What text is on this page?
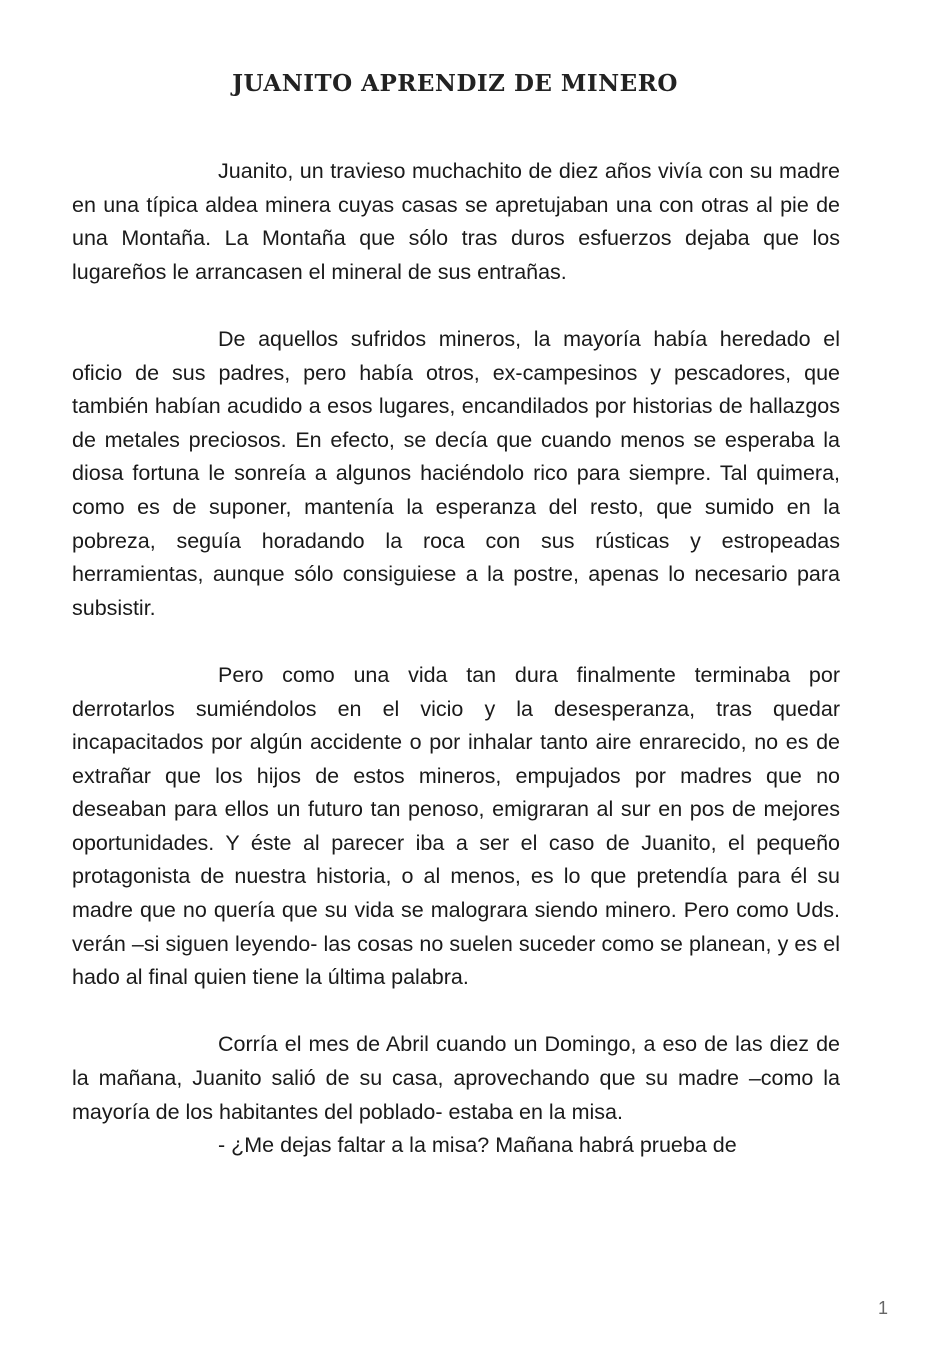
JUANITO APRENDIZ DE MINERO

Juanito, un travieso muchachito de diez años vivía con su madre en una típica aldea minera cuyas casas se apretujaban una con otras al pie de una Montaña. La Montaña que sólo tras duros esfuerzos dejaba que los lugareños le arrancasen el mineral de sus entrañas.

De aquellos sufridos mineros, la mayoría había heredado el oficio de sus padres, pero había otros, ex-campesinos y pescadores, que también habían acudido a esos lugares, encandilados por historias de hallazgos de metales preciosos. En efecto, se decía que cuando menos se esperaba la diosa fortuna le sonreía a algunos haciéndolo rico para siempre. Tal quimera, como es de suponer, mantenía la esperanza del resto, que sumido en la pobreza, seguía horadando la roca con sus rústicas y estropeadas herramientas, aunque sólo consiguiese a la postre, apenas lo necesario para subsistir.

Pero como una vida tan dura finalmente terminaba por derrotarlos sumiéndolos en el vicio y la desesperanza, tras quedar incapacitados por algún accidente o por inhalar tanto aire enrarecido, no es de extrañar que los hijos de estos mineros, empujados por madres que no deseaban para ellos un futuro tan penoso, emigraran al sur en pos de mejores oportunidades. Y éste al parecer iba a ser el caso de Juanito, el pequeño protagonista de nuestra historia, o al menos, es lo que pretendía para él su madre que no quería que su vida se malograra siendo minero. Pero como Uds. verán –si siguen leyendo- las cosas no suelen suceder como se planean, y es el hado al final quien tiene la última palabra.

Corría el mes de Abril cuando un Domingo, a eso de las diez de la mañana, Juanito salió de su casa, aprovechando que su madre –como la mayoría de los habitantes del poblado- estaba en la misa.

- ¿Me dejas faltar a la misa? Mañana habrá prueba de

1
